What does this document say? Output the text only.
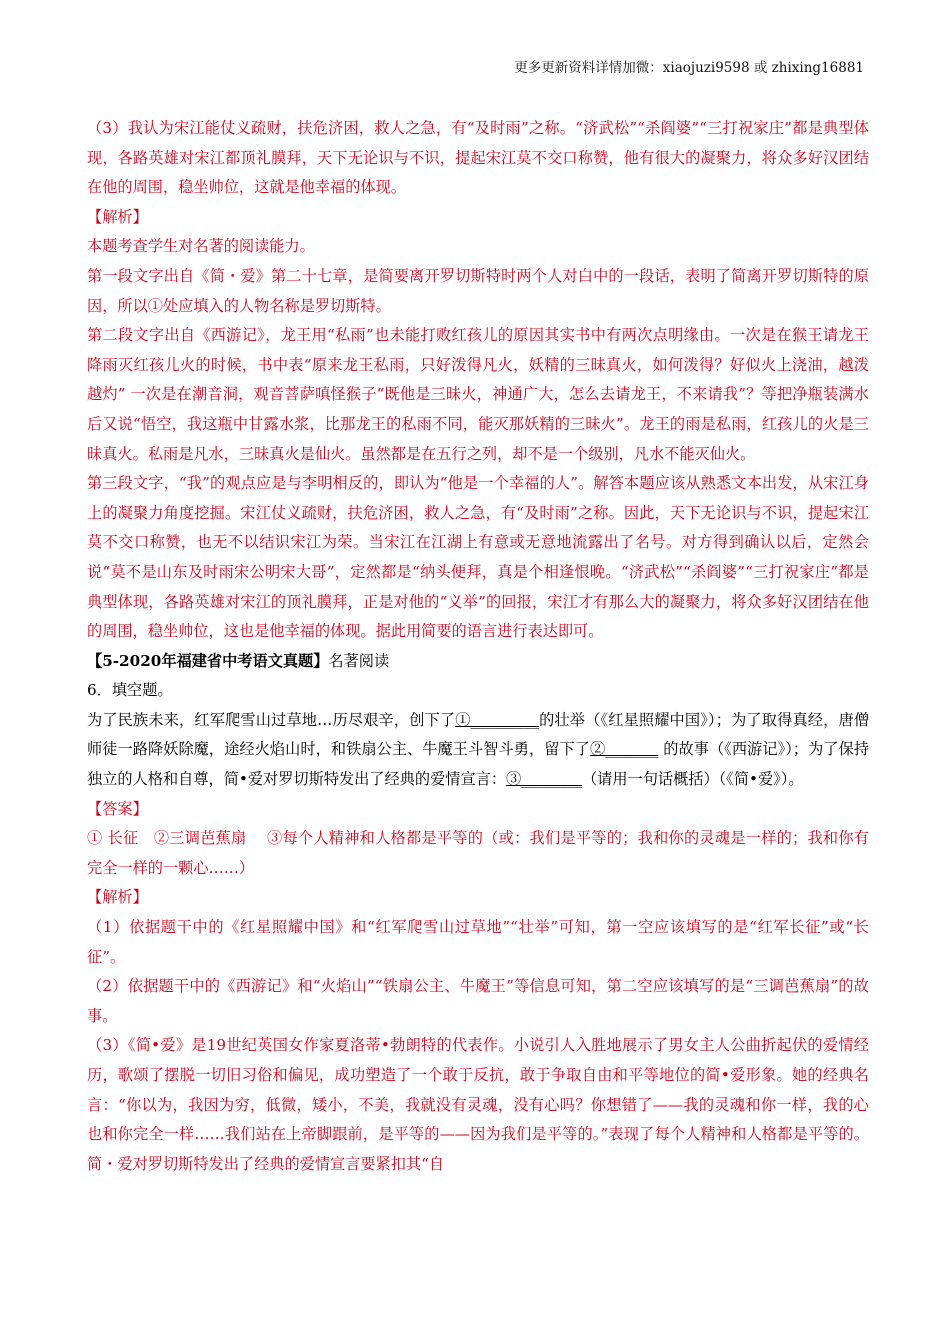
更多更新资料详情加微：xiaojuzi9598 或 zhixing16881

（3）我认为宋江能仗义疏财，扶危济困，救人之急，有“及时雨”之称。“济武松”“杀阎婆”“三打祝家庄”都是典型体现，各路英雄对宋江都顶礼膜拜，天下无论识与不识，提起宋江莫不交口称赞，他有很大的凝聚力，将众多好汉团结在他的周围，稳坐帅位，这就是他幸福的体现。

【解析】

本题考查学生对名著的阅读能力。

第一段文字出自《简・爱》第二十七章，是简要离开罗切斯特时两个人对白中的一段话，表明了简离开罗切斯特的原因，所以①处应填入的人物名称是罗切斯特。

第二段文字出自《西游记》，龙王用“私雨”也未能打败红孩儿的原因其实书中有两次点明缘由。一次是在猴王请龙王降雨灭红孩儿火的时候，书中表“原来龙王私雨，只好泼得凡火，妖精的三昧真火，如何泼得？好似火上浇油，越泼越灼” 一次是在潮音洞，观音菩萨嗔怪猴子“既他是三昧火，神通广大，怎么去请龙王，不来请我”？等把净瓶装满水后又说“悟空，我这瓶中甘露水浆，比那龙王的私雨不同，能灭那妖精的三昧火”。龙王的雨是私雨，红孩儿的火是三昧真火。私雨是凡水，三昧真火是仙火。虽然都是在五行之列，却不是一个级别，凡水不能灭仙火。

第三段文字，“我”的观点应是与李明相反的，即认为“他是一个幸福的人”。解答本题应该从熟悉文本出发，从宋江身上的凝聚力角度挖掘。宋江仗义疏财，扶危济困，救人之急，有“及时雨”之称。因此，天下无论识与不识，提起宋江莫不交口称赞，也无不以结识宋江为荣。当宋江在江湖上有意或无意地流露出了名号。对方得到确认以后，定然会说“莫不是山东及时雨宋公明宋大哥”，定然都是“纳头便拜，真是个相逢恨晚。“济武松”“杀阎婆”“三打祝家庄”都是典型体现，各路英雄对宋江的顶礼膜拜，正是对他的“义举”的回报，宋江才有那么大的凝聚力，将众多好汉团结在他的周围，稳坐帅位，这也是他幸福的体现。据此用简要的语言进行表达即可。

【5-2020年福建省中考语文真题】名著阅读

6．填空题。

为了民族未来，红军爬雪山过草地…历尽艰辛，创下了①_________的壮举（《红星照耀中国》）；为了取得真经，唐僧师徒一路降妖除魔，途经火焰山时，和铁扇公主、牛魔王斗智斗勇，留下了②_______ 的故事（《西游记》）；为了保持独立的人格和自尊，简•爱对罗切斯特发出了经典的爱情宣言：③________（请用一句话概括）（《简•爱》）。

【答案】

① 长征　②三调芭蕉扇　 ③每个人精神和人格都是平等的（或：我们是平等的；我和你的灵魂是一样的；我和你有完全一样的一颗心……）

【解析】

（1）依据题干中的《红星照耀中国》和“红军爬雪山过草地”“壮举”可知，第一空应该填写的是“红军长征”或“长征”。

（2）依据题干中的《西游记》和“火焰山”“铁扇公主、牛魔王”等信息可知，第二空应该填写的是“三调芭蕉扇”的故事。

（3）《简•爱》是19世纪英国女作家夏洛蒂•勃朗特的代表作。小说引人入胜地展示了男女主人公曲折起伏的爱情经历，歌颂了摆脱一切旧习俗和偏见，成功塑造了一个敢于反抗，敢于争取自由和平等地位的简•爱形象。她的经典名言：“你以为，我因为穷，低微，矮小，不美，我就没有灵魂，没有心吗？你想错了——我的灵魂和你一样，我的心也和你完全一样……我们站在上帝脚跟前，是平等的——因为我们是平等的。”表现了每个人精神和人格都是平等的。简・爱对罗切斯特发出了经典的爱情宣言要紧扣其“自
